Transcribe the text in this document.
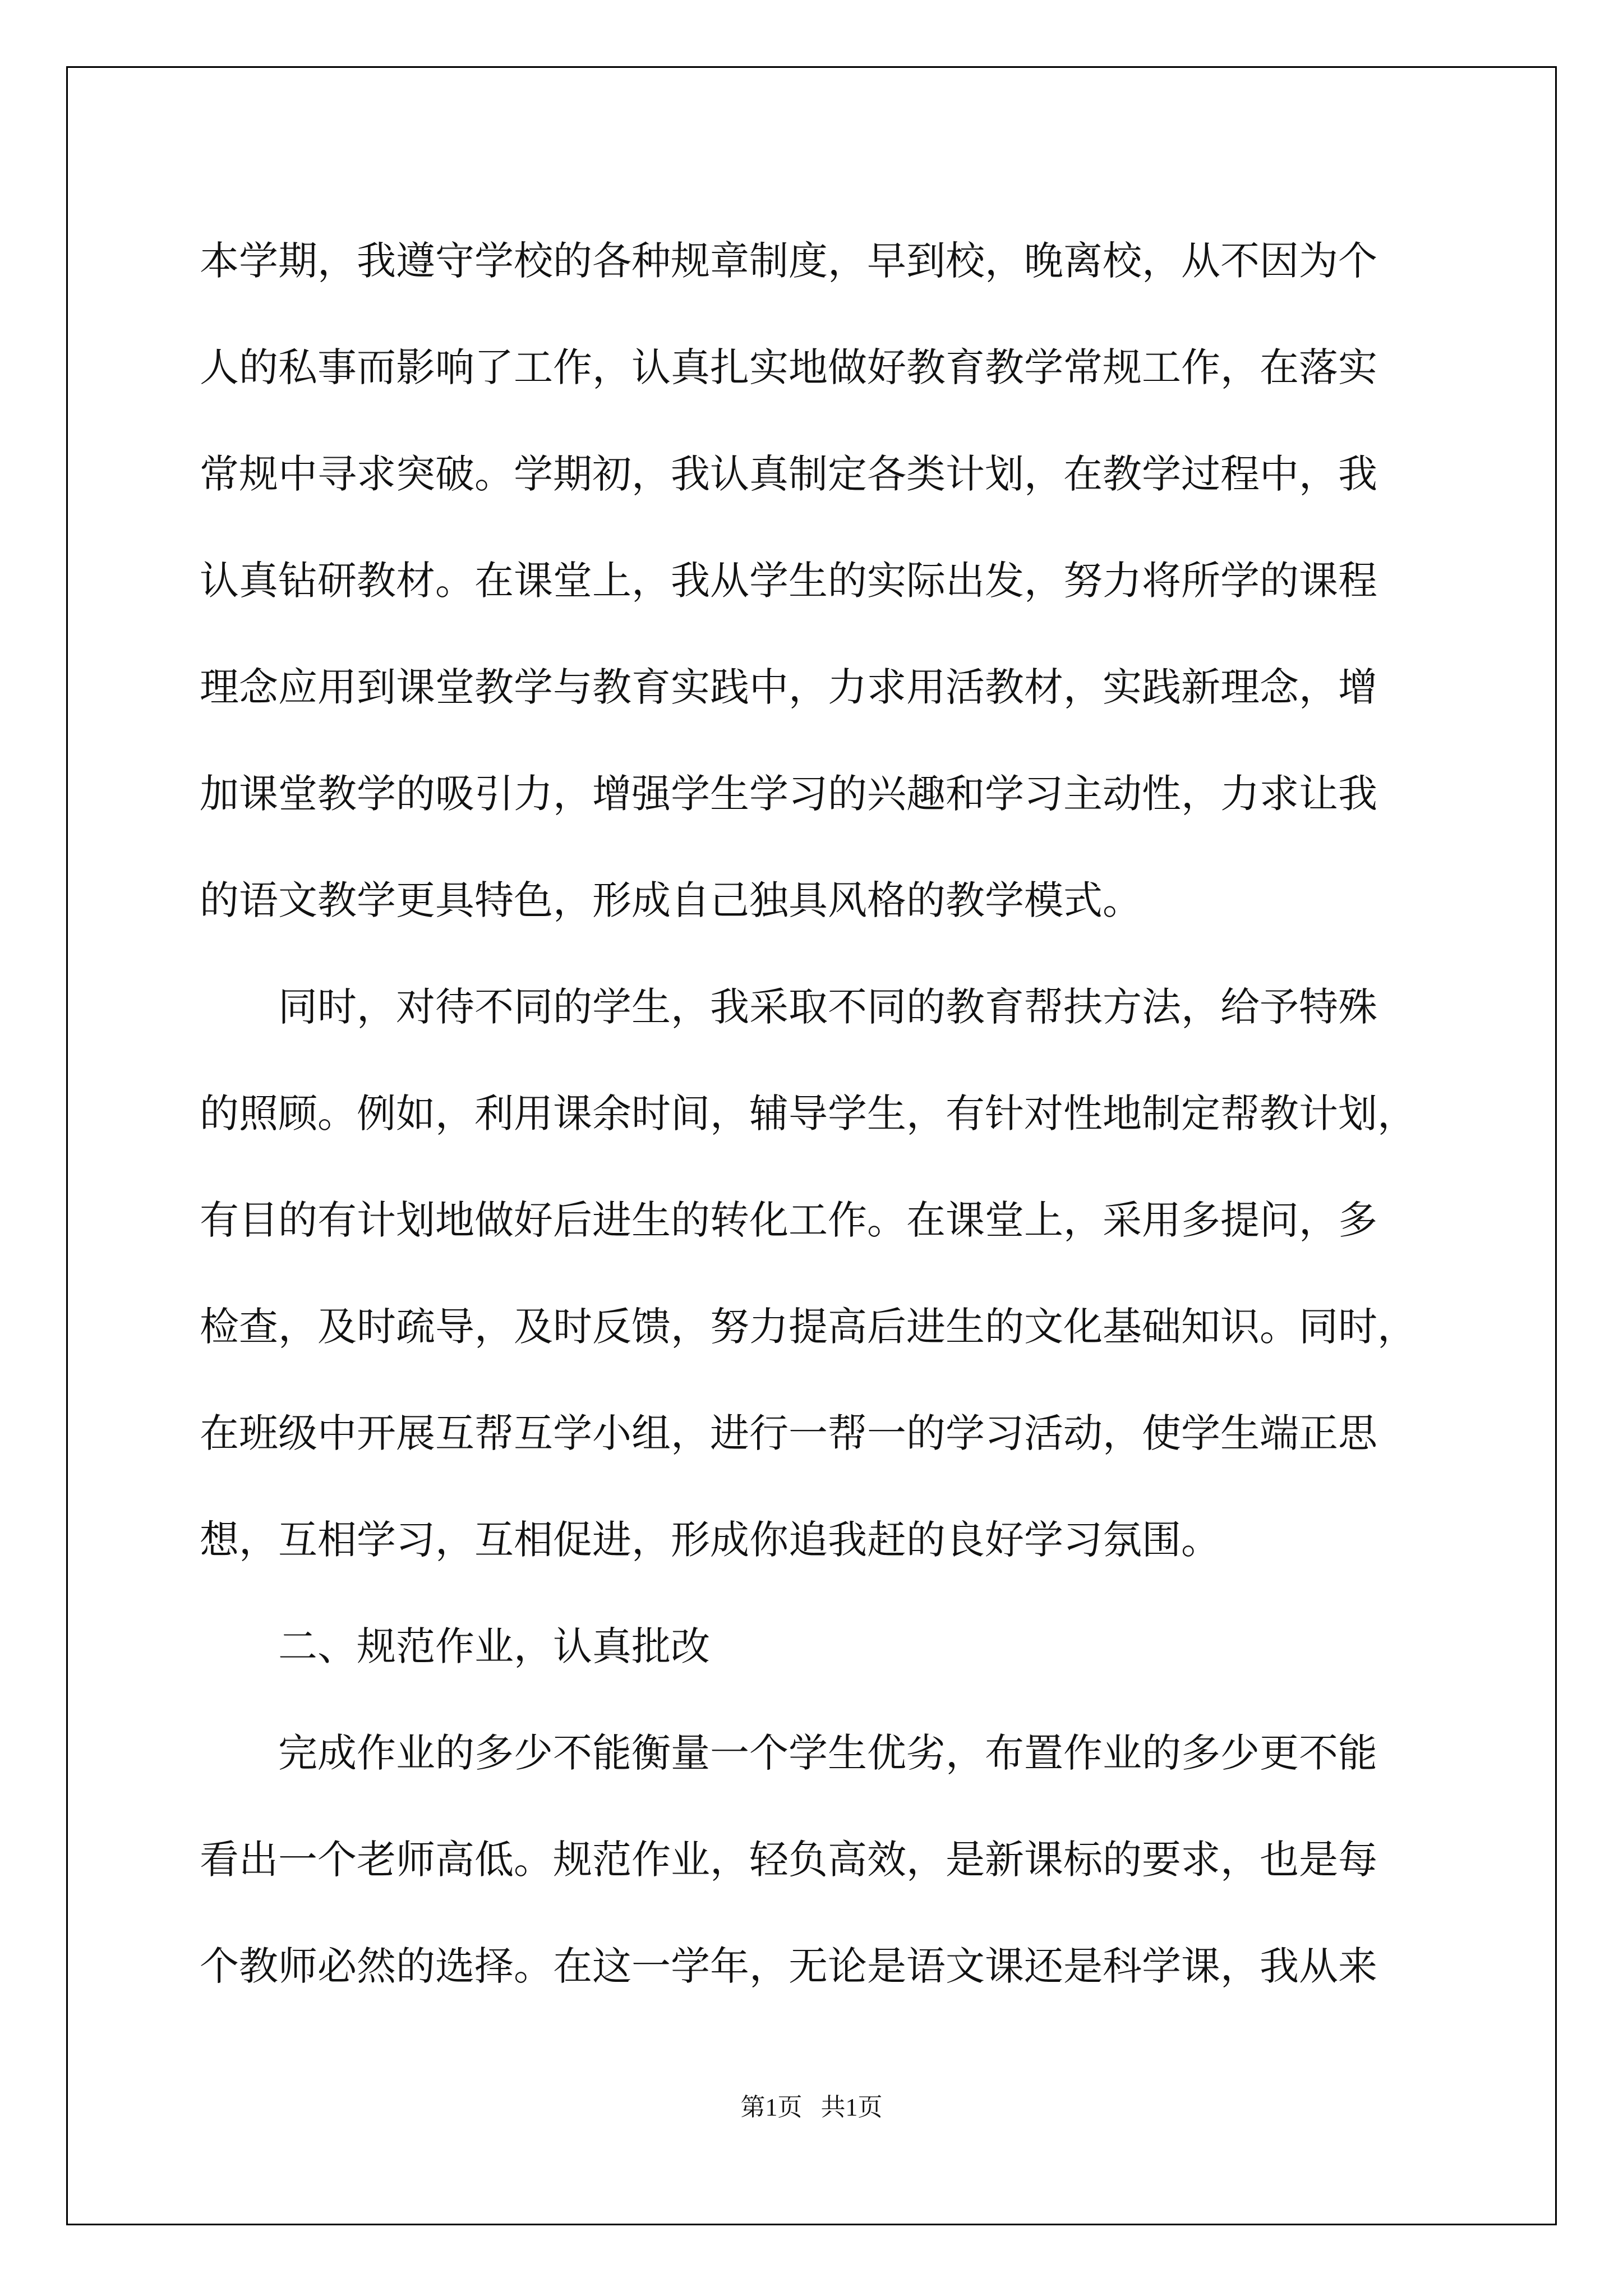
本学期，我遵守学校的各种规章制度，早到校，晚离校，从不因为个
人的私事而影响了工作，认真扎实地做好教育教学常规工作，在落实
常规中寻求突破。学期初，我认真制定各类计划，在教学过程中，我
认真钻研教材。在课堂上，我从学生的实际出发，努力将所学的课程
理念应用到课堂教学与教育实践中，力求用活教材，实践新理念，增
加课堂教学的吸引力，增强学生学习的兴趣和学习主动性，力求让我
的语文教学更具特色，形成自己独具风格的教学模式。
　　同时，对待不同的学生，我采取不同的教育帮扶方法，给予特殊
的照顾。例如，利用课余时间，辅导学生，有针对性地制定帮教计划，
有目的有计划地做好后进生的转化工作。在课堂上，采用多提问，多
检查，及时疏导，及时反馈，努力提高后进生的文化基础知识。同时，
在班级中开展互帮互学小组，进行一帮一的学习活动，使学生端正思
想，互相学习，互相促进，形成你追我赶的良好学习氛围。
　　二、规范作业，认真批改
　　完成作业的多少不能衡量一个学生优劣，布置作业的多少更不能
看出一个老师高低。规范作业，轻负高效，是新课标的要求，也是每
个教师必然的选择。在这一学年，无论是语文课还是科学课，我从来
第1页   共1页
